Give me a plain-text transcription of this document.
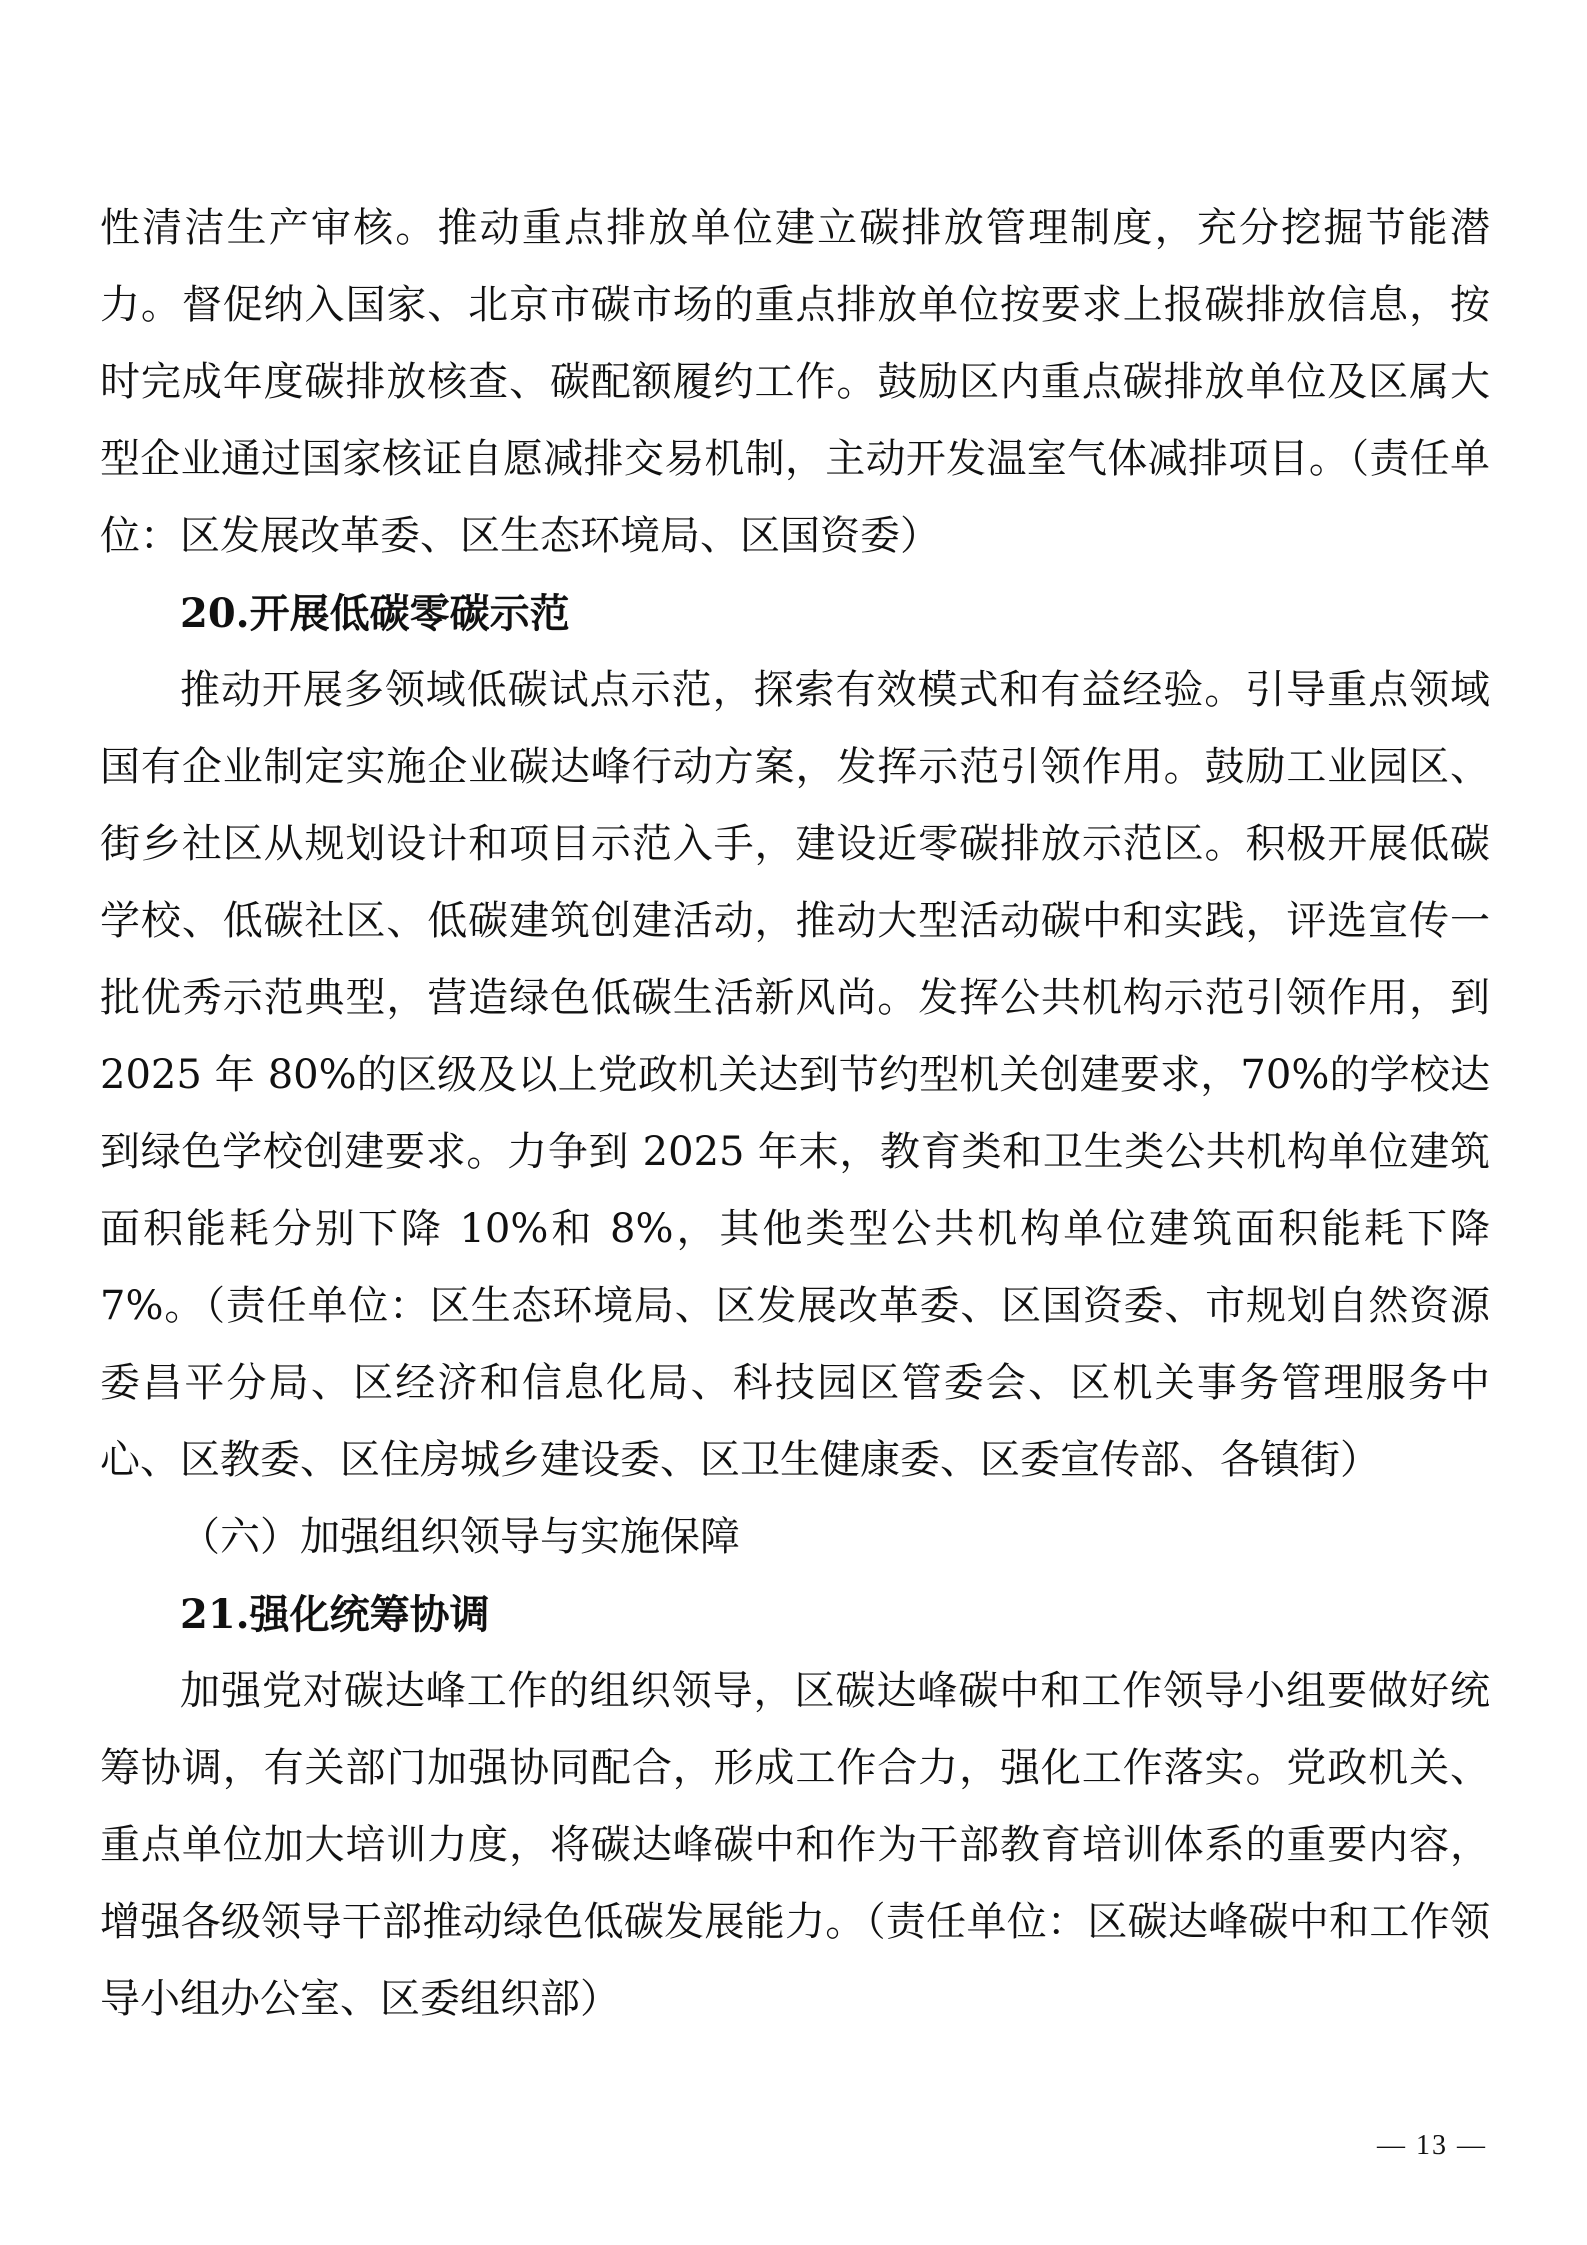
性清洁生产审核。推动重点排放单位建立碳排放管理制度，充分挖掘节能潜力。督促纳入国家、北京市碳市场的重点排放单位按要求上报碳排放信息，按时完成年度碳排放核查、碳配额履约工作。鼓励区内重点碳排放单位及区属大型企业通过国家核证自愿减排交易机制，主动开发温室气体减排项目。（责任单位：区发展改革委、区生态环境局、区国资委）

20.开展低碳零碳示范

推动开展多领域低碳试点示范，探索有效模式和有益经验。引导重点领域国有企业制定实施企业碳达峰行动方案，发挥示范引领作用。鼓励工业园区、街乡社区从规划设计和项目示范入手，建设近零碳排放示范区。积极开展低碳学校、低碳社区、低碳建筑创建活动，推动大型活动碳中和实践，评选宣传一批优秀示范典型，营造绿色低碳生活新风尚。发挥公共机构示范引领作用，到 2025 年 80%的区级及以上党政机关达到节约型机关创建要求，70%的学校达到绿色学校创建要求。力争到 2025 年末，教育类和卫生类公共机构单位建筑面积能耗分别下降 10%和 8%，其他类型公共机构单位建筑面积能耗下降 7%。（责任单位：区生态环境局、区发展改革委、区国资委、市规划自然资源委昌平分局、区经济和信息化局、科技园区管委会、区机关事务管理服务中心、区教委、区住房城乡建设委、区卫生健康委、区委宣传部、各镇街）

（六）加强组织领导与实施保障

21.强化统筹协调

加强党对碳达峰工作的组织领导，区碳达峰碳中和工作领导小组要做好统筹协调，有关部门加强协同配合，形成工作合力，强化工作落实。党政机关、重点单位加大培训力度，将碳达峰碳中和作为干部教育培训体系的重要内容，增强各级领导干部推动绿色低碳发展能力。（责任单位：区碳达峰碳中和工作领导小组办公室、区委组织部）

— 13 —
